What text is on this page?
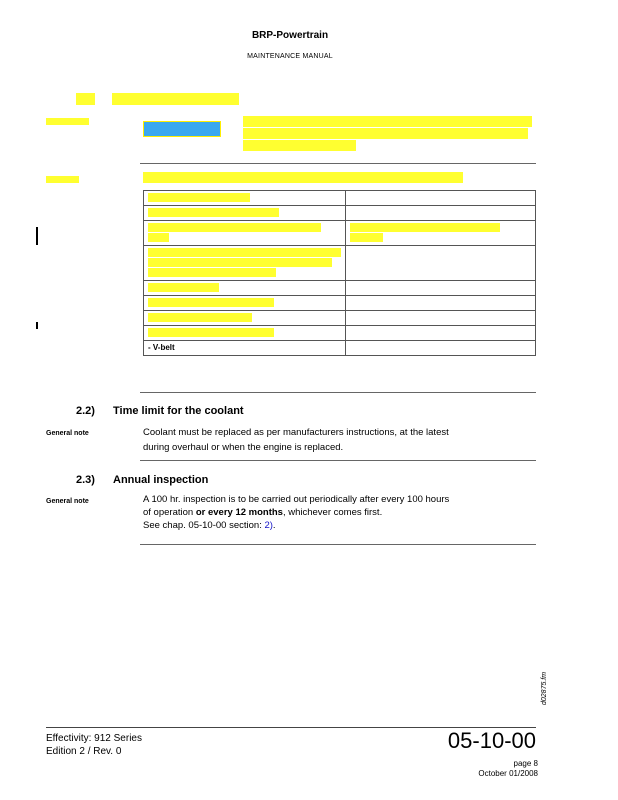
BRP-Powertrain
MAINTENANCE MANUAL
NOTICE

- V-belt	
2.2) Time limit for the coolant
General note	Coolant must be replaced as per manufacturers instructions, at the latest
during overhaul or when the engine is replaced.
2.3) Annual inspection
General note	A 100 hr. inspection is to be carried out periodically after every 100 hours
of operation or every 12 months, whichever comes first.
See chap. 05-10-00 section: 2).
d02875.fm
Effectivity: 912 Series
Edition 2 / Rev. 0	05-10-00
page 8
October 01/2008
